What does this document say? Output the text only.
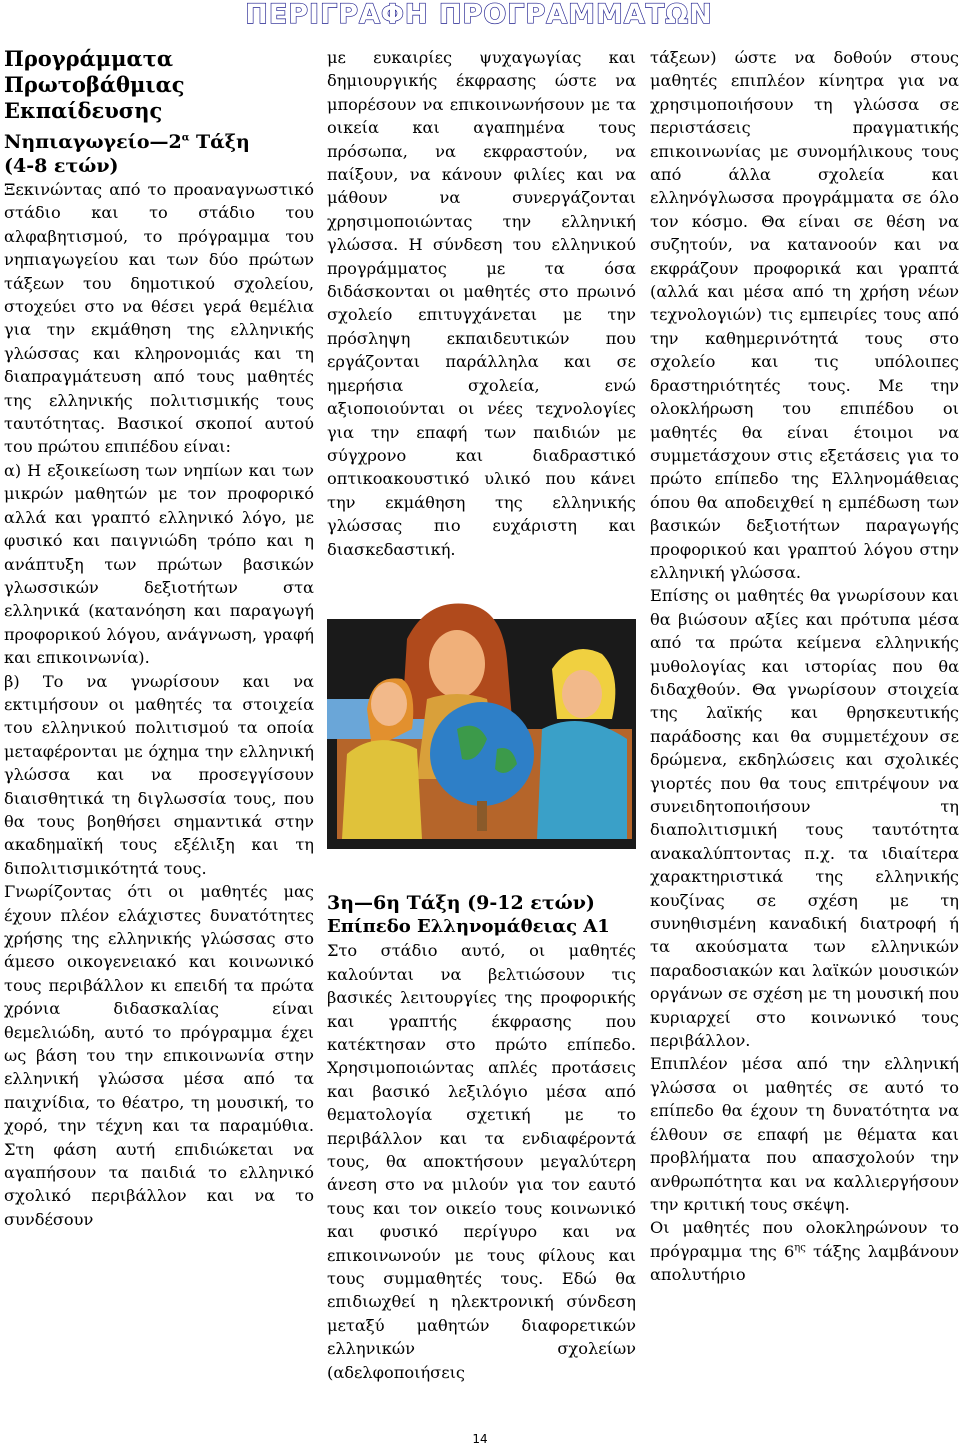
ΠΕΡΙΓΡΑΦΗ ΠΡΟΓΡΑΜΜΑΤΩΝ
Προγράμματα Πρωτοβάθμιας Εκπαίδευσης
$N\eta\pi\iota\alpha\gamma\omega\gamma\varepsilon ίo—2^\alpha$ Τάξη
(4-8 ετών)

Ξεκινώντας από το προαναγνωστικό στάδιο και το στάδιο του αλφαβητισμού, το πρόγραμμα του νηπιαγωγείου και των δύο πρώτων τάξεων του δημοτικού σχολείου, στοχεύει στο να θέσει γερά θεμέλια για την εκμάθηση της ελληνικής γλώσσας και κληρονομιάς και τη διαπραγμάτευση από τους μαθητές της ελληνικής πολιτισμικής τους ταυτότητας. Βασικοί σκοποί αυτού του πρώτου επιπέδου είναι:

α) Η εξοικείωση των νηπίων και των μικρών μαθητών με τον προφορικό αλλά και γραπτό ελληνικό λόγο, με φυσικό και παιγνιώδη τρόπο και η ανάπτυξη των πρώτων βασικών γλωσσικών δεξιοτήτων στα ελληνικά (κατανόηση και παραγωγή προφορικού λόγου, ανάγνωση, γραφή και επικοινωνία).

β) Το να γνωρίσουν και να εκτιμήσουν οι μαθητές τα στοιχεία του ελληνικού πολιτισμού τα οποία μεταφέρονται με όχημα την ελληνική γλώσσα και να προσεγγίσουν διαισθητικά τη διγλωσσία τους, που θα τους βοηθήσει σημαντικά στην ακαδημαϊκή τους εξέλιξη και τη διπολιτισμικότητά τους.

Γνωρίζοντας ότι οι μαθητές μας έχουν πλέον ελάχιστες δυνατότητες χρήσης της ελληνικής γλώσσας στο άμεσο οικογενειακό και κοινωνικό τους περιβάλλον κι επειδή τα πρώτα χρόνια διδασκαλίας είναι θεμελιώδη, αυτό το πρόγραμμα έχει ως βάση του την επικοινωνία στην ελληνική γλώσσα μέσα από τα παιχνίδια, το θέατρο, τη μουσική, το χορό, την τέχνη και τα παραμύθια. Στη φάση αυτή επιδιώκεται να αγαπήσουν τα παιδιά το ελληνικό σχολικό περιβάλλον και να το συνδέσουν

με ευκαιρίες ψυχαγωγίας και δημιουργικής έκφρασης ώστε να μπορέσουν να επικοινωνήσουν με τα οικεία και αγαπημένα τους πρόσωπα, να εκφραστούν, να παίξουν, να κάνουν φιλίες και να μάθουν να συνεργάζονται χρησιμοποιώντας την ελληνική γλώσσα. Η σύνδεση του ελληνικού προγράμματος με τα όσα διδάσκονται οι μαθητές στο πρωινό σχολείο επιτυγχάνεται με την πρόσληψη εκπαιδευτικών που εργάζονται παράλληλα και σε ημερήσια σχολεία, ενώ αξιοποιούνται οι νέες τεχνολογίες για την επαφή των παιδιών με σύγχρονο και διαδραστικό οπτικοακουστικό υλικό που κάνει την εκμάθηση της ελληνικής γλώσσας πιο ευχάριστη και διασκεδαστική.

3η—6η Τάξη (9-12 ετών)
Επίπεδο Ελληνομάθειας Α1

Στο στάδιο αυτό, οι μαθητές καλούνται να βελτιώσουν τις βασικές λειτουργίες της προφορικής και γραπτής έκφρασης που κατέκτησαν στο πρώτο επίπεδο. Χρησιμοποιώντας απλές προτάσεις και βασικό λεξιλόγιο μέσα από θεματολογία σχετική με το περιβάλλον και τα ενδιαφέροντά τους, θα αποκτήσουν μεγαλύτερη άνεση στο να μιλούν για τον εαυτό τους και τον οικείο τους κοινωνικό και φυσικό περίγυρο και να επικοινωνούν με τους φίλους και τους συμμαθητές τους. Εδώ θα επιδιωχθεί η ηλεκτρονική σύνδεση μεταξύ μαθητών διαφορετικών ελληνικών σχολείων (αδελφοποιήσεις

τάξεων) ώστε να δοθούν στους μαθητές επιπλέον κίνητρα για να χρησιμοποιήσουν τη γλώσσα σε περιστάσεις πραγματικής επικοινωνίας με συνομήλικους τους από άλλα σχολεία και ελληνόγλωσσα προγράμματα σε όλο τον κόσμο. Θα είναι σε θέση να συζητούν, να κατανοούν και να εκφράζουν προφορικά και γραπτά (αλλά και μέσα από τη χρήση νέων τεχνολογιών) τις εμπειρίες τους από την καθημερινότητά τους στο σχολείο και τις υπόλοιπες δραστηριότητές τους. Με την ολοκλήρωση του επιπέδου οι μαθητές θα είναι έτοιμοι να συμμετάσχουν στις εξετάσεις για το πρώτο επίπεδο της Ελληνομάθειας όπου θα αποδειχθεί η εμπέδωση των βασικών δεξιοτήτων παραγωγής προφορικού και γραπτού λόγου στην ελληνική γλώσσα.

Επίσης οι μαθητές θα γνωρίσουν και θα βιώσουν αξίες και πρότυπα μέσα από τα πρώτα κείμενα ελληνικής μυθολογίας και ιστορίας που θα διδαχθούν. Θα γνωρίσουν στοιχεία της λαϊκής και θρησκευτικής παράδοσης και θα συμμετέχουν σε δρώμενα, εκδηλώσεις και σχολικές γιορτές που θα τους επιτρέψουν να συνειδητοποιήσουν τη διαπολιτισμική τους ταυτότητα ανακαλύπτοντας π.χ. τα ιδιαίτερα χαρακτηριστικά της ελληνικής κουζίνας σε σχέση με τη συνηθισμένη καναδική διατροφή ή τα ακούσματα των ελληνικών παραδοσιακών και λαϊκών μουσικών οργάνων σε σχέση με τη μουσική που κυριαρχεί στο κοινωνικό τους περιβάλλον.

Επιπλέον μέσα από την ελληνική γλώσσα οι μαθητές σε αυτό το επίπεδο θα έχουν τη δυνατότητα να έλθουν σε επαφή με θέματα και προβλήματα που απασχολούν την ανθρωπότητα και να καλλιεργήσουν την κριτική τους σκέψη.

Οι μαθητές που ολοκληρώνουν το πρόγραμμα της $6^{\eta\varsigma}$ τάξης λαμβάνουν απολυτήριο

14
